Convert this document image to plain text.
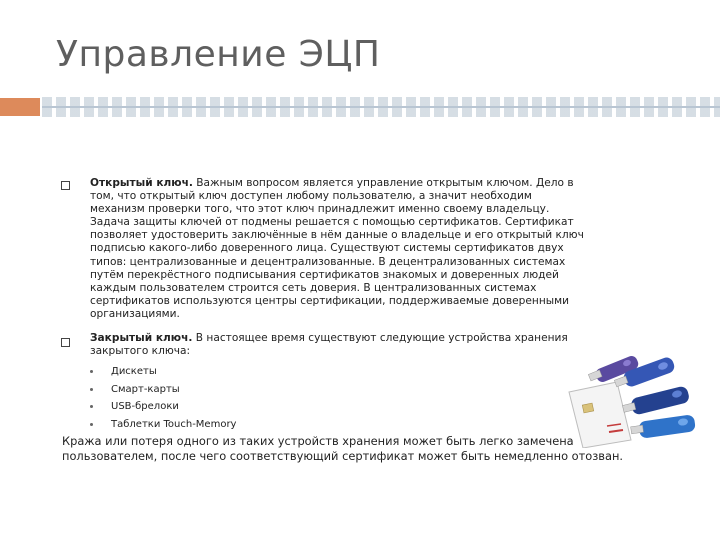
Управление ЭЦП
Открытый ключ. Важным вопросом является управление открытым ключом. Дело в
том, что открытый ключ доступен любому пользователю, а значит необходим
механизм проверки того, что этот ключ принадлежит именно своему владельцу.
Задача защиты ключей от подмены решается с помощью сертификатов. Сертификат
позволяет удостоверить заключённые в нём данные о владельце и его открытый ключ
подписью какого-либо доверенного лица. Существуют системы сертификатов двух
типов: централизованные и децентрализованные. В децентрализованных системах
путём перекрёстного подписывания сертификатов знакомых и доверенных людей
каждым пользователем строится сеть доверия. В централизованных системах
сертификатов используются центры сертификации, поддерживаемые доверенными
организациями.
Закрытый ключ. В настоящее время существуют следующие устройства хранения
закрытого ключа:
Дискеты
Смарт-карты
USB-брелоки
Таблетки Touch-Memory
Кража или потеря одного из таких устройств хранения может быть легко замечена
пользователем, после чего соответствующий сертификат может быть немедленно отозван.
